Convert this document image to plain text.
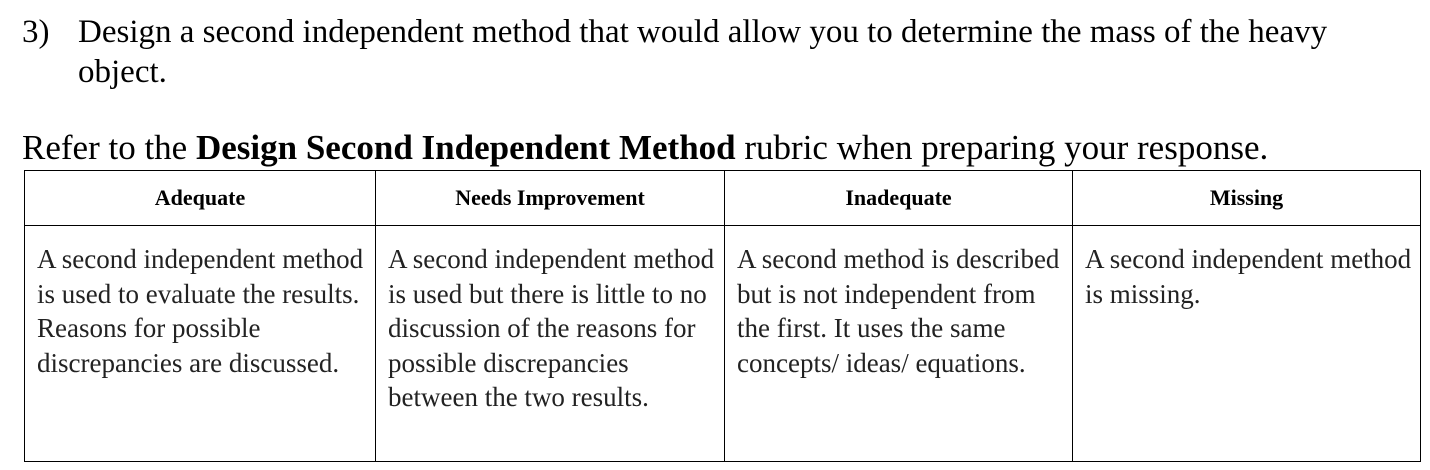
3) Design a second independent method that would allow you to determine the mass of the heavy object.
Refer to the Design Second Independent Method rubric when preparing your response.
Adequate	Needs Improvement	Inadequate	Missing
A second independent method is used to evaluate the results. Reasons for possible discrepancies are discussed.	A second independent method is used but there is little to no discussion of the reasons for possible discrepancies between the two results.	A second method is described but is not independent from the first. It uses the same concepts/ ideas/ equations.	A second independent method is missing.
